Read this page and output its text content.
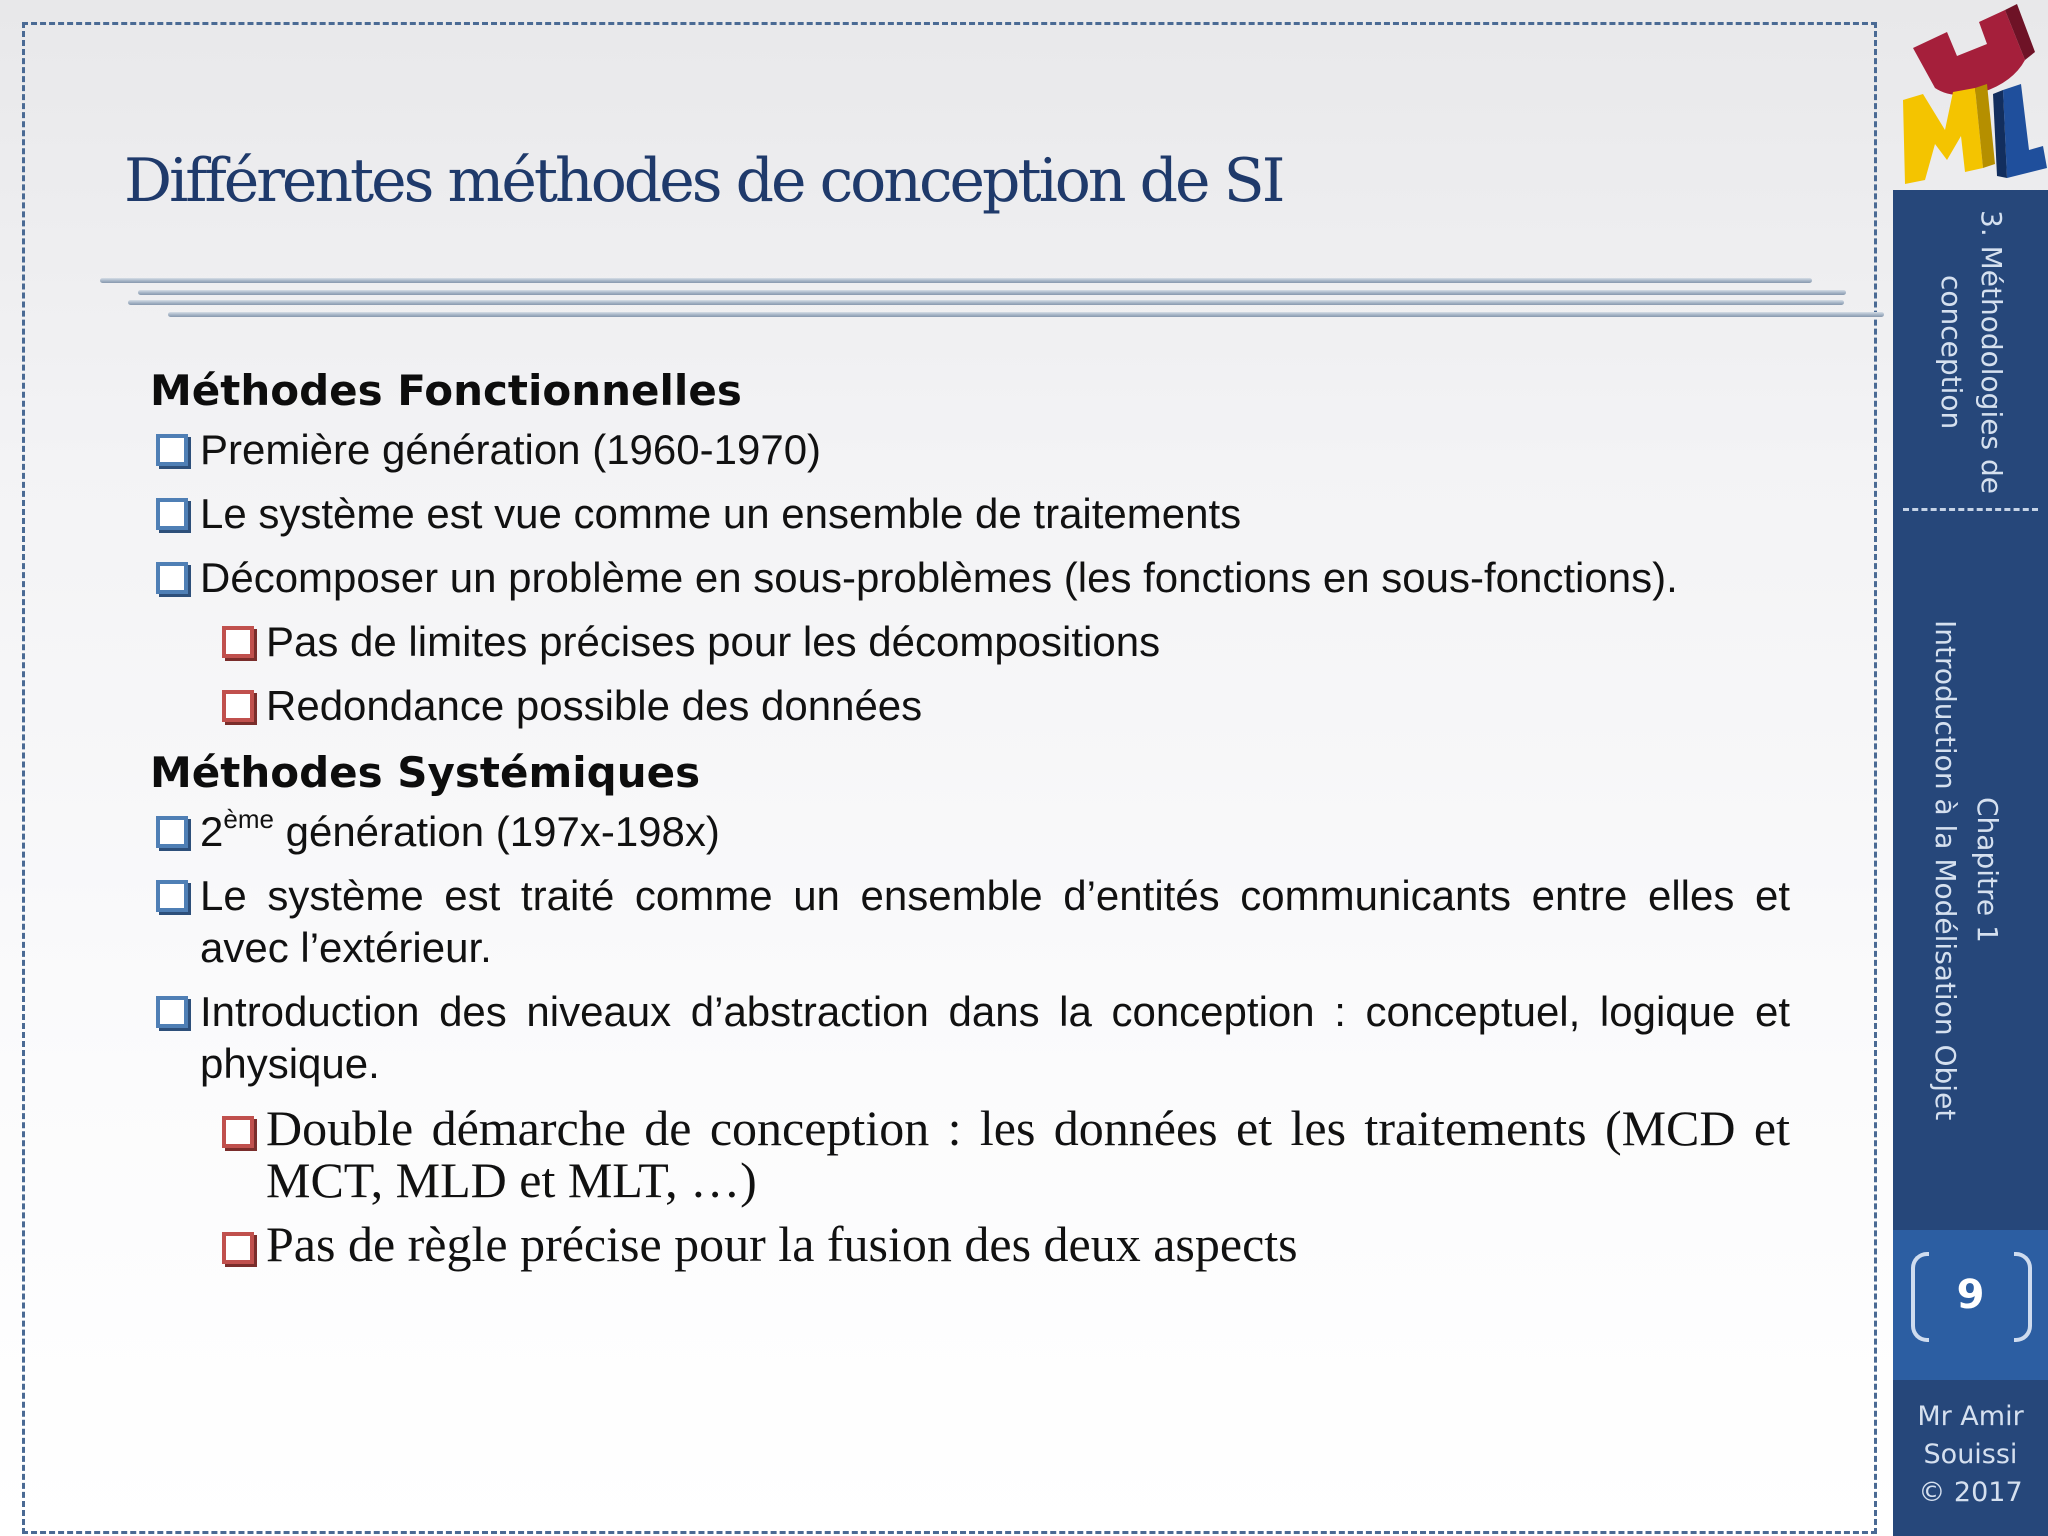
Différentes méthodes de conception de SI
Méthodes Fonctionnelles
Première génération (1960-1970)
Le système est vue comme un ensemble de traitements
Décomposer un problème en sous-problèmes (les fonctions en sous-fonctions).
Pas de limites précises pour les décompositions
Redondance possible des données
Méthodes Systémiques
2ème génération (197x-198x)
Le système est traité comme un ensemble d’entités communicants entre elles et avec l’extérieur.
Introduction des niveaux d’abstraction dans la conception : conceptuel, logique et physique.
Double démarche de conception : les données et les traitements (MCD et MCT, MLD et MLT, …)
Pas de règle précise pour la fusion des deux aspects
3. Méthodologies de conception
Chapitre 1
Introduction à la Modélisation Objet
9
Mr Amir
Souissi
© 2017
